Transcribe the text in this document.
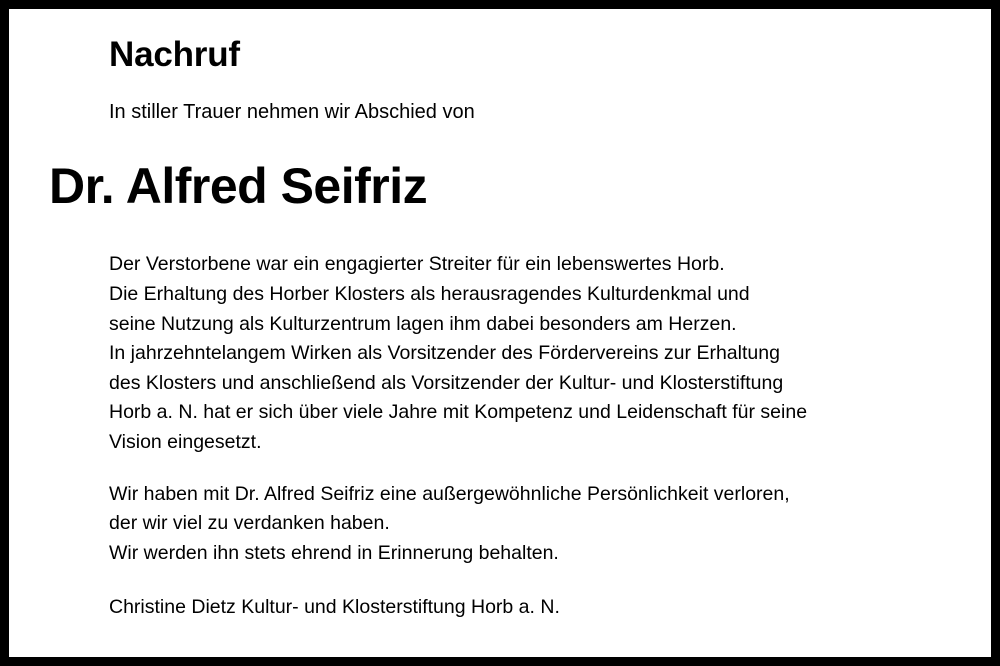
Nachruf

In stiller Trauer nehmen wir Abschied von

Dr. Alfred Seifriz

Der Verstorbene war ein engagierter Streiter für ein lebenswertes Horb.
Die Erhaltung des Horber Klosters als herausragendes Kulturdenkmal und
seine Nutzung als Kulturzentrum lagen ihm dabei besonders am Herzen.
In jahrzehntelangem Wirken als Vorsitzender des Fördervereins zur Erhaltung
des Klosters und anschließend als Vorsitzender der Kultur- und Klosterstiftung
Horb a. N. hat er sich über viele Jahre mit Kompetenz und Leidenschaft für seine
Vision eingesetzt.

Wir haben mit Dr. Alfred Seifriz eine außergewöhnliche Persönlichkeit verloren,
der wir viel zu verdanken haben.
Wir werden ihn stets ehrend in Erinnerung behalten.

Christine Dietz Kultur- und Klosterstiftung Horb a. N.
